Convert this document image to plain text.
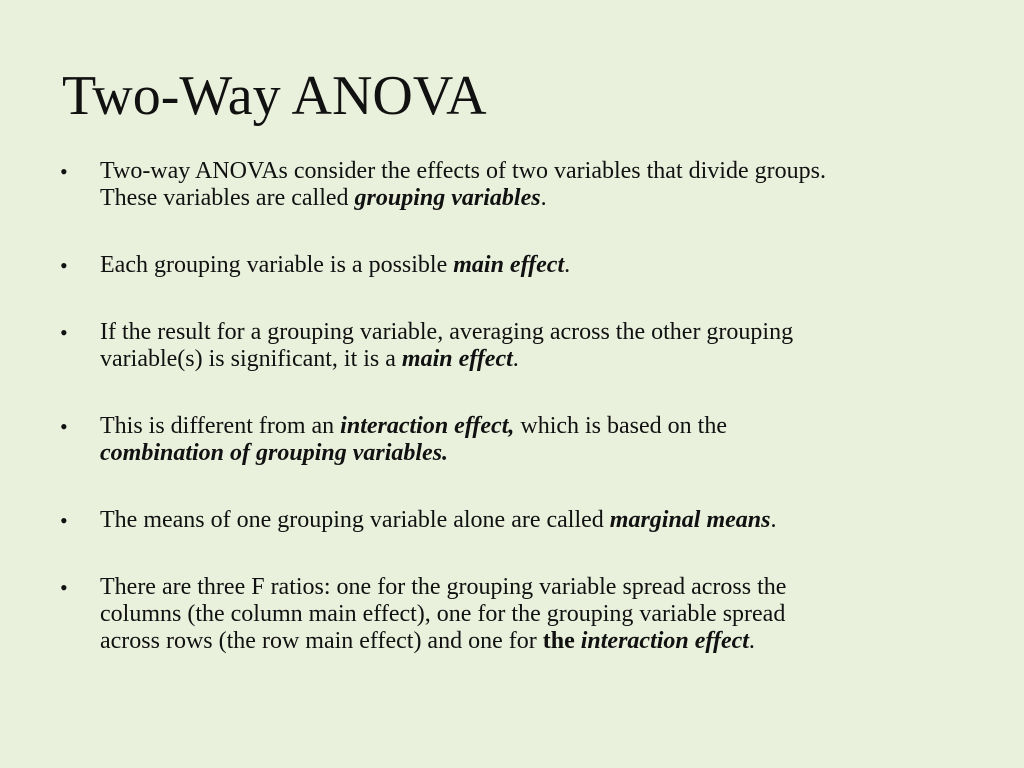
Two-Way ANOVA
• Two-way ANOVAs consider the effects of two variables that divide groups.
These variables are called grouping variables.
• Each grouping variable is a possible main effect.
• If the result for a grouping variable, averaging across the other grouping
variable(s) is significant, it is a main effect.
• This is different from an interaction effect, which is based on the
combination of grouping variables.
• The means of one grouping variable alone are called marginal means.
• There are three F ratios: one for the grouping variable spread across the
columns (the column main effect), one for the grouping variable spread
across rows (the row main effect) and one for the interaction effect.
